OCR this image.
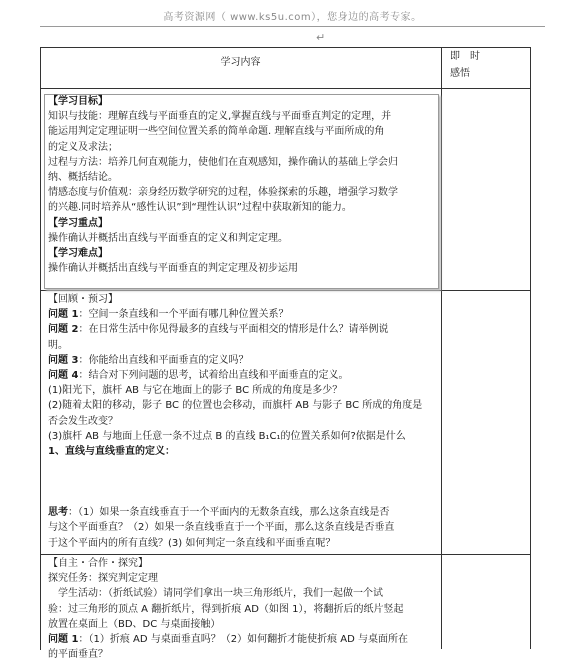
高考资源网（ www.ks5u.com），您身边的高考专家。
↵
学习内容

即　时

感悟

【学习目标】

知识与技能：理解直线与平面垂直的定义,掌握直线与平面垂直判定的定理，并

能运用判定定理证明一些空间位置关系的简单命题. 理解直线与平面所成的角

的定义及求法；

过程与方法：培养几何直观能力，使他们在直观感知，操作确认的基础上学会归

纳、概括结论。

情感态度与价值观：亲身经历数学研究的过程，体验探索的乐趣，增强学习数学

的兴趣.同时培养从“感性认识”到“理性认识”过程中获取新知的能力。

【学习重点】

操作确认并概括出直线与平面垂直的定义和判定定理。

【学习难点】

操作确认并概括出直线与平面垂直的判定定理及初步运用

【回顾・预习】

问题 1：空间一条直线和一个平面有哪几种位置关系？

问题 2：在日常生活中你见得最多的直线与平面相交的情形是什么？请举例说

明。

问题 3：你能给出直线和平面垂直的定义吗？

问题 4：结合对下列问题的思考，试着给出直线和平面垂直的定义。

(1)阳光下，旗杆 AB 与它在地面上的影子 BC 所成的角度是多少？

(2)随着太阳的移动，影子 BC 的位置也会移动，而旗杆 AB 与影子 BC 所成的角度是

否会发生改变？

(3)旗杆 AB 与地面上任意一条不过点 B 的直线 B₁C₁的位置关系如何?依据是什么

1、直线与直线垂直的定义：

思考：（1）如果一条直线垂直于一个平面内的无数条直线，那么这条直线是否

与这个平面垂直？（2）如果一条直线垂直于一个平面，那么这条直线是否垂直

于这个平面内的所有直线？(3) 如何判定一条直线和平面垂直呢？

【自主・合作・探究】

探究任务：探究判定定理

　学生活动：（折纸试验）请同学们拿出一块三角形纸片，我们一起做一个试

验：过三角形的顶点 A 翻折纸片，得到折痕 AD（如图 1），将翻折后的纸片竖起

放置在桌面上（BD、DC 与桌面接触）

问题 1：（1）折痕 AD 与桌面垂直吗？（2）如何翻折才能使折痕 AD 与桌面所在

的平面垂直？
